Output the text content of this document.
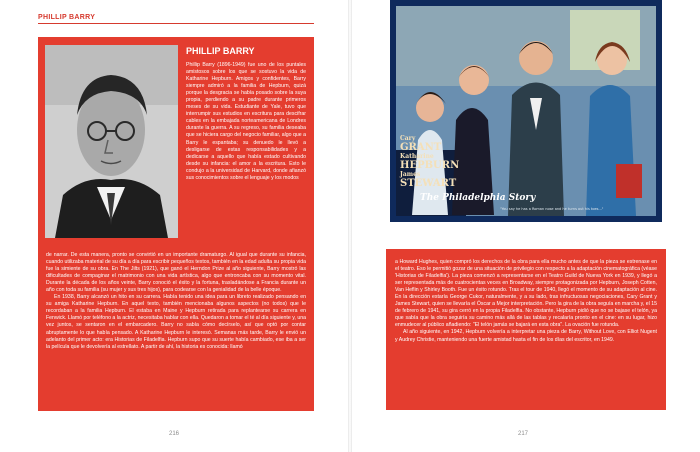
PHILLIP BARRY
PHILLIP BARRY

Phillip Barry (1896-1949) fue uno de los puntales amistosos sobre los que se sostuvo la vida de Katharine Hepburn. Amigos y confidentes, Barry siempre admiró a la familia de Hepburn, quizá porque la desgracia se había posado sobre la suya propia, perdiendo a su padre durante primeros meses de su vida. Estudiante de Yale, tuvo que interrumpir sus estudios en escritura para descifrar cables en la embajada norteamericana de Londres durante la guerra. A su regreso, su familia deseaba que se hiciera cargo del negocio familiar, algo que a Barry le espantaba; su denuedo le llevó a desligarse de estas responsabilidades y a dedicarse a aquello que había estado cultivando desde su infancia: el amor a la escritura. Esto le condujo a la universidad de Harvard, donde afianzó sus conocimientos sobre el lenguaje y los modos

de narrar. De esta manera, pronto se convirtió en un importante dramaturgo. Al igual que durante su infancia, cuando utilizaba material de su día a día para escribir pequeños textos, también en la edad adulta su propia vida fue la simiente de su obra. En The Jilts (1921), que ganó el Herndon Prize al año siguiente, Barry mostró las dificultades de compaginar el matrimonio con una vida artística, algo que entroncaba con su momento vital. Durante la década de los años veinte, Barry conoció el éxito y la fortuna, trasladándose a Francia durante un año con toda su familia (su mujer y sus tres hijos), para codearse con la genialidad de la belle époque.

En 1938, Barry alcanzó un hito en su carrera. Había tenido una idea para un libreto realizado pensando en su amiga Katharine Hepburn. En aquel texto, también mencionaba algunos aspectos (no todos) que le recordaban a la familia Hepburn. El estaba en Maine y Hepburn retirada para replantearse su carrera en Fenwick. Llamó por teléfono a la actriz, necesitaba hablar con ella. Quedaron a tomar el té al día siguiente y, una vez juntos, se sentaron en el embarcadero. Barry no sabía cómo decírselo, así que optó por contar abruptamente lo que había pensado. A Katharine Hepburn le interesó. Semanas más tarde, Barry le envió un adelanto del primer acto: era Historias de Filadelfia. Hepburn supo que su suerte había cambiado, ese iba a ser la película que le devolvería al estrellato. A partir de ahí, la historia es conocida: llamó

216	217
Cary
GRANT
Katharine
HEPBURN
James
STEWART
The Philadelphia Story
"You say he has a Roman nose and he turns out his toes..."

a Howard Hughes, quien compró los derechos de la obra para ella mucho antes de que la pieza se estrenase en el teatro. Eso le permitió gozar de una situación de privilegio con respecto a la adaptación cinematográfica (véase 'Historias de Filadelfia'). La pieza comenzó a representarse en el Teatro Guild de Nueva York en 1939, y llegó a ser representada más de cuatrocientas veces en Broadway, siempre protagonizada por Hepburn, Joseph Cotten, Van Heflin y Shirley Booth. Fue un éxito rotundo. Tras el tour de 1940, llegó el momento de su adaptación al cine. En la dirección estaría George Cukor, naturalmente, y a su lado, tras infructuosas negociaciones, Cary Grant y James Stewart, quien se llevaría el Óscar a Mejor interpretación. Pero la gira de la obra seguía en marcha y, el 15 de febrero de 1941, su gira cerró en la propia Filadelfia. No obstante, Hepburn pidió que no se bajase el telón, ya que sabía que la obra seguiría su camino más allá de las tablas y recalaría pronto en el cine: en su lugar, hizo enmudecer al público añadiendo: "El telón jamás se bajará en esta obra". La ovación fue rotunda.

Al año siguiente, en 1942, Hepburn volvería a interpretar una pieza de Barry, Without Love, con Elliot Nugent y Audrey Christie, manteniendo una fuerte amistad hasta el fin de los días del escritor, en 1949.
